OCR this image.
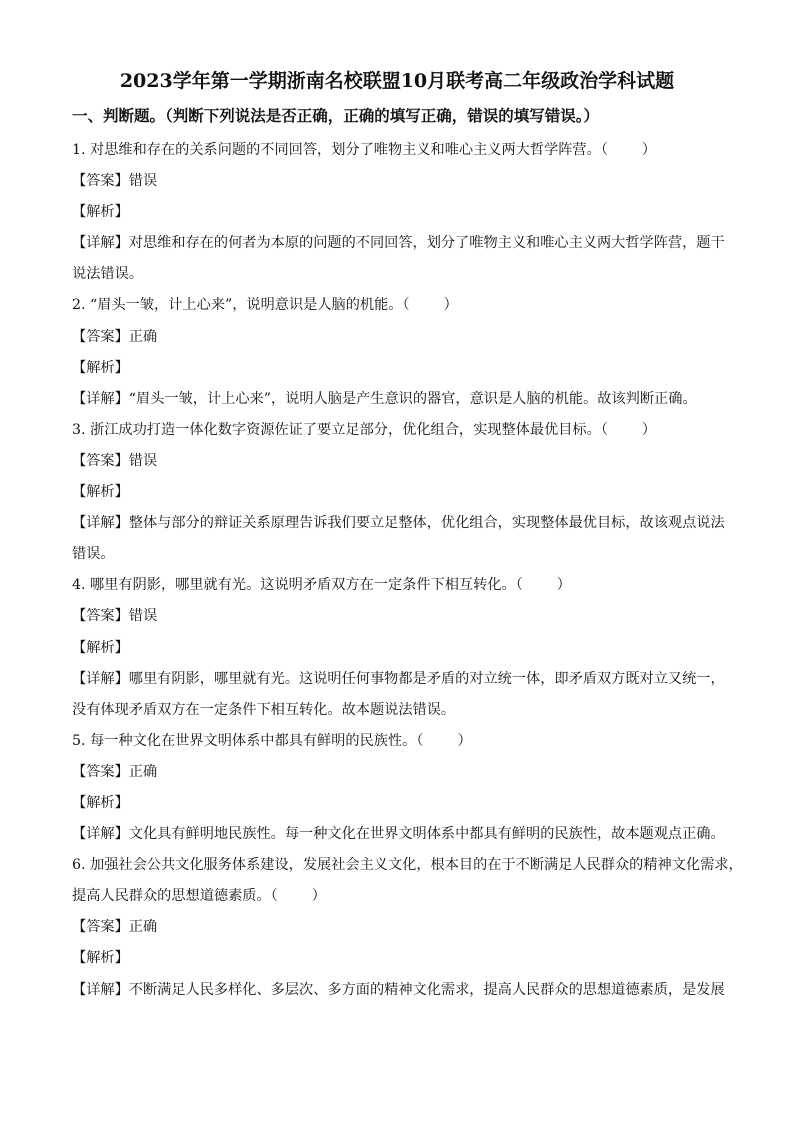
2023学年第一学期浙南名校联盟10月联考高二年级政治学科试题
一、判断题。（判断下列说法是否正确，正确的填写正确，错误的填写错误。）
1. 对思维和存在的关系问题的不同回答，划分了唯物主义和唯心主义两大哲学阵营。（ ）
【答案】错误
【解析】
【详解】对思维和存在的何者为本原的问题的不同回答，划分了唯物主义和唯心主义两大哲学阵营，题干
说法错误。
2. “眉头一皱，计上心来”，说明意识是人脑的机能。（ ）
【答案】正确
【解析】
【详解】“眉头一皱，计上心来”，说明人脑是产生意识的器官，意识是人脑的机能。故该判断正确。
3. 浙江成功打造一体化数字资源佐证了要立足部分，优化组合，实现整体最优目标。（ ）
【答案】错误
【解析】
【详解】整体与部分的辩证关系原理告诉我们要立足整体，优化组合，实现整体最优目标，故该观点说法
错误。
4. 哪里有阴影，哪里就有光。这说明矛盾双方在一定条件下相互转化。（ ）
【答案】错误
【解析】
【详解】哪里有阴影，哪里就有光。这说明任何事物都是矛盾的对立统一体，即矛盾双方既对立又统一，
没有体现矛盾双方在一定条件下相互转化。故本题说法错误。
5. 每一种文化在世界文明体系中都具有鲜明的民族性。（ ）
【答案】正确
【解析】
【详解】文化具有鲜明地民族性。每一种文化在世界文明体系中都具有鲜明的民族性，故本题观点正确。
6. 加强社会公共文化服务体系建设，发展社会主义文化，根本目的在于不断满足人民群众的精神文化需求，
提高人民群众的思想道德素质。（ ）
【答案】正确
【解析】
【详解】不断满足人民多样化、多层次、多方面的精神文化需求，提高人民群众的思想道德素质，是发展
